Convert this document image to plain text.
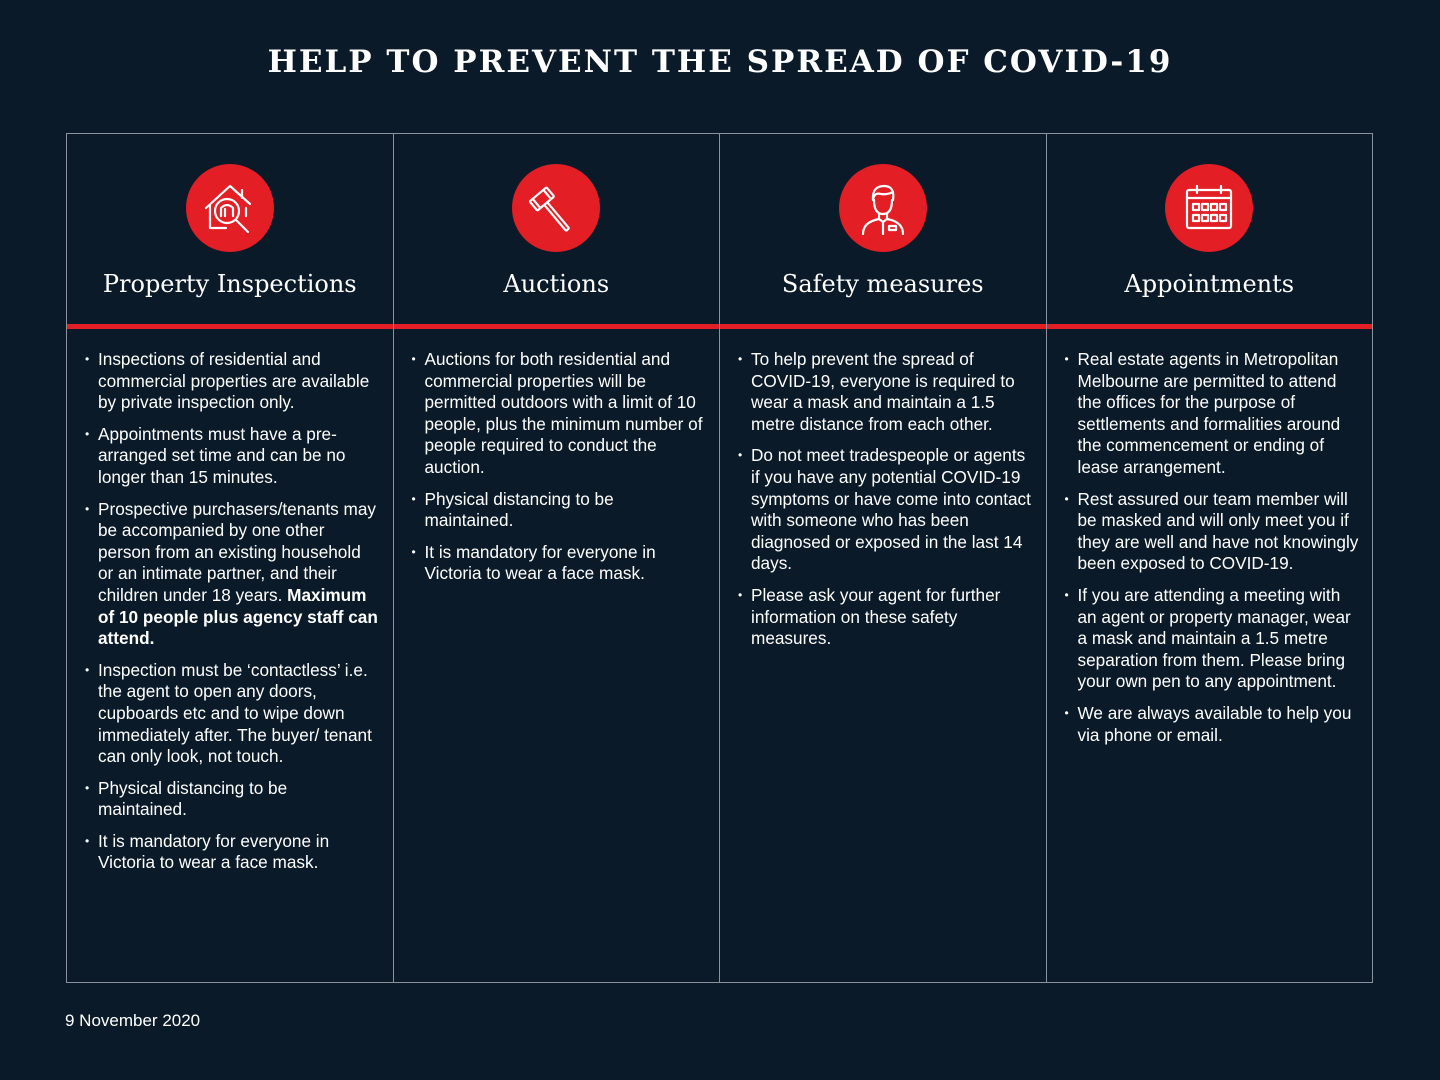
HELP TO PREVENT THE SPREAD OF COVID-19
Property Inspections
• Inspections of residential and commercial properties are available by private inspection only.
• Appointments must have a pre-arranged set time and can be no longer than 15 minutes.
• Prospective purchasers/tenants may be accompanied by one other person from an existing household or an intimate partner, and their children under 18 years. Maximum of 10 people plus agency staff can attend.
• Inspection must be ‘contactless’ i.e. the agent to open any doors, cupboards etc and to wipe down immediately after. The buyer/ tenant can only look, not touch.
• Physical distancing to be maintained.
• It is mandatory for everyone in Victoria to wear a face mask.
Auctions
• Auctions for both residential and commercial properties will be permitted outdoors with a limit of 10 people, plus the minimum number of people required to conduct the auction.
• Physical distancing to be maintained.
• It is mandatory for everyone in Victoria to wear a face mask.
Safety measures
• To help prevent the spread of COVID-19, everyone is required to wear a mask and maintain a 1.5 metre distance from each other.
• Do not meet tradespeople or agents if you have any potential COVID-19 symptoms or have come into contact with someone who has been diagnosed or exposed in the last 14 days.
• Please ask your agent for further information on these safety measures.
Appointments
• Real estate agents in Metropolitan Melbourne are permitted to attend the offices for the purpose of settlements and formalities around the commencement or ending of lease arrangement.
• Rest assured our team member will be masked and will only meet you if they are well and have not knowingly been exposed to COVID-19.
• If you are attending a meeting with an agent or property manager, wear a mask and maintain a 1.5 metre separation from them. Please bring your own pen to any appointment.
• We are always available to help you via phone or email.
9 November 2020
